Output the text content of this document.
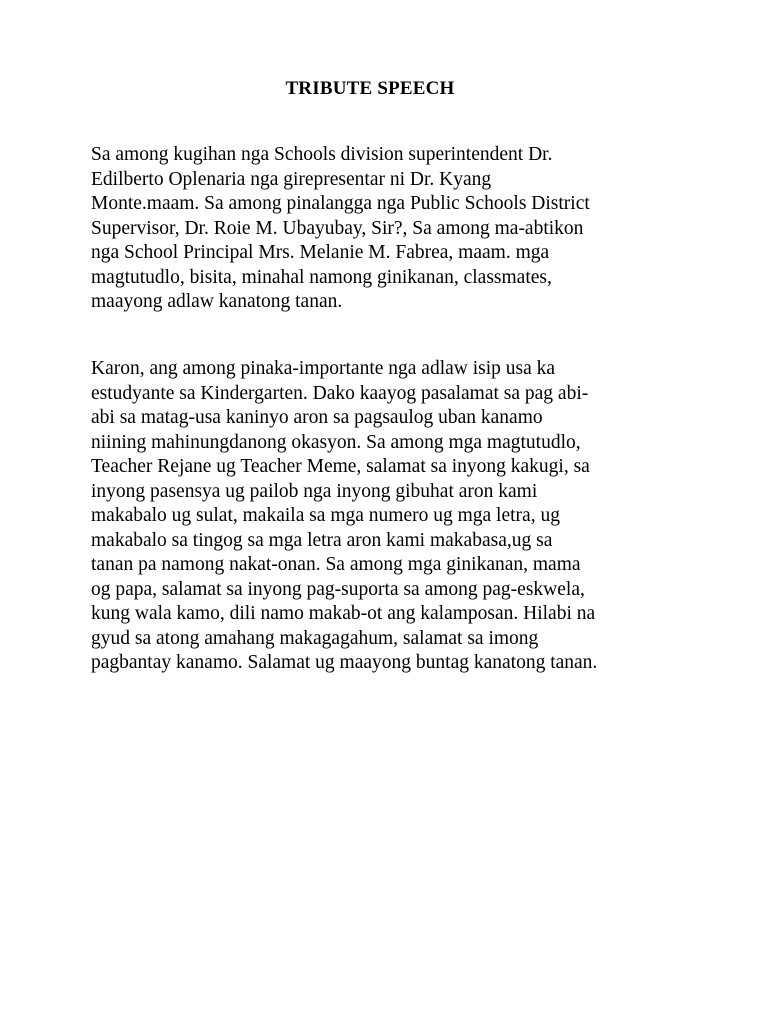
TRIBUTE SPEECH

Sa among kugihan nga Schools division superintendent Dr.
Edilberto Oplenaria nga girepresentar ni Dr. Kyang
Monte.maam. Sa among pinalangga nga Public Schools District
Supervisor, Dr. Roie M. Ubayubay, Sir?, Sa among ma-abtikon
nga School Principal Mrs. Melanie M. Fabrea, maam. mga
magtutudlo, bisita, minahal namong ginikanan, classmates,
maayong adlaw kanatong tanan.

Karon, ang among pinaka-importante nga adlaw isip usa ka
estudyante sa Kindergarten. Dako kaayog pasalamat sa pag abi-
abi sa matag-usa kaninyo aron sa pagsaulog uban kanamo
niining mahinungdanong okasyon. Sa among mga magtutudlo,
Teacher Rejane ug Teacher Meme, salamat sa inyong kakugi, sa
inyong pasensya ug pailob nga inyong gibuhat aron kami
makabalo ug sulat, makaila sa mga numero ug mga letra, ug
makabalo sa tingog sa mga letra aron kami makabasa,ug sa
tanan pa namong nakat-onan. Sa among mga ginikanan, mama
og papa, salamat sa inyong pag-suporta sa among pag-eskwela,
kung wala kamo, dili namo makab-ot ang kalamposan. Hilabi na
gyud sa atong amahang makagagahum, salamat sa imong
pagbantay kanamo. Salamat ug maayong buntag kanatong tanan.
